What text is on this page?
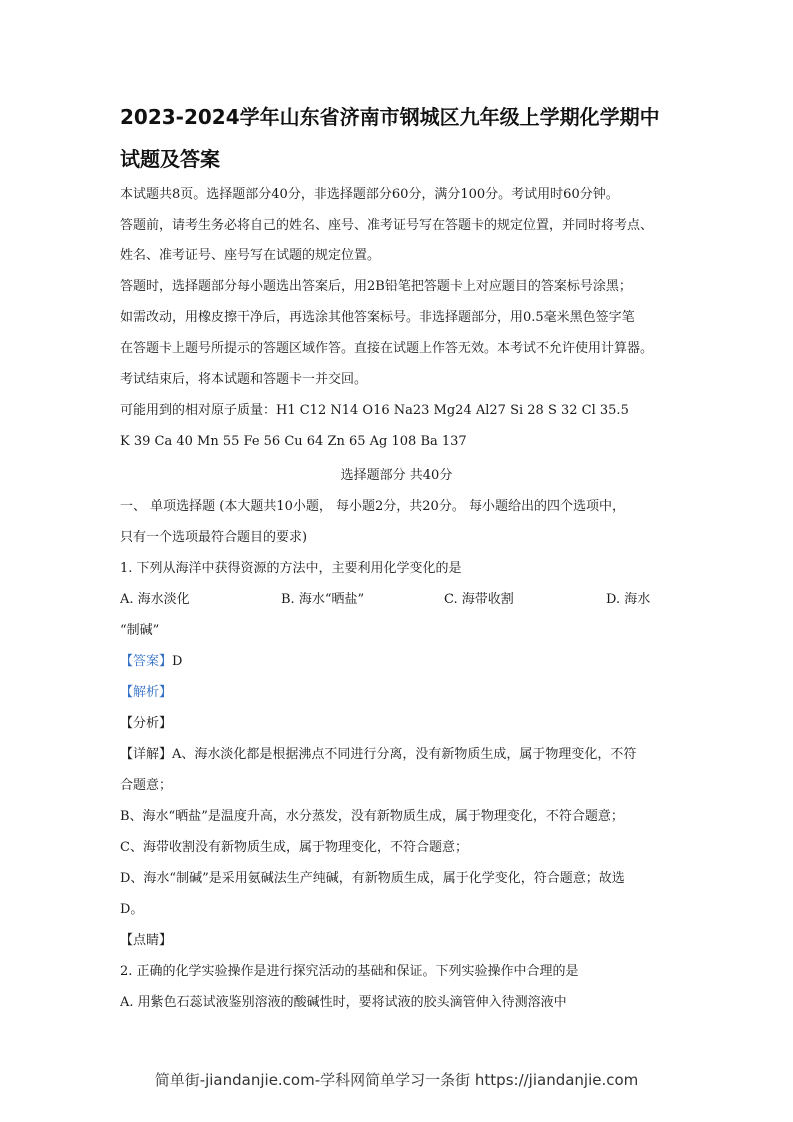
2023-2024学年山东省济南市钢城区九年级上学期化学期中
试题及答案
本试题共8页。选择题部分40分，非选择题部分60分，满分100分。考试用时60分钟。
答题前，请考生务必将自己的姓名、座号、准考证号写在答题卡的规定位置，并同时将考点、
姓名、准考证号、座号写在试题的规定位置。
答题时，选择题部分每小题选出答案后，用2B铅笔把答题卡上对应题目的答案标号涂黑；
如需改动，用橡皮擦干净后，再选涂其他答案标号。非选择题部分，用0.5毫米黑色签字笔
在答题卡上题号所提示的答题区域作答。直接在试题上作答无效。本考试不允许使用计算器。
考试结束后，将本试题和答题卡一并交回。
可能用到的相对原子质量：H1 C12 N14 O16 Na23 Mg24 Al27 Si 28 S 32 Cl 35.5
K 39 Ca 40 Mn 55 Fe 56 Cu 64 Zn 65 Ag 108 Ba 137
选择题部分 共40分
一、 单项选择题 (本大题共10小题， 每小题2分，共20分。 每小题给出的四个选项中，
只有一个选项最符合题目的要求)
1. 下列从海洋中获得资源的方法中，主要利用化学变化的是
A. 海水淡化	B. 海水“晒盐”	C. 海带收割	D. 海水
“制碱”
【答案】D
【解析】
【分析】
【详解】A、海水淡化都是根据沸点不同进行分离，没有新物质生成，属于物理变化，不符
合题意；
B、海水“晒盐”是温度升高，水分蒸发，没有新物质生成，属于物理变化，不符合题意；
C、海带收割没有新物质生成，属于物理变化，不符合题意；
D、海水“制碱”是采用氨碱法生产纯碱，有新物质生成，属于化学变化，符合题意；故选
D。
【点睛】
2. 正确的化学实验操作是进行探究活动的基础和保证。下列实验操作中合理的是
A. 用紫色石蕊试液鉴别溶液的酸碱性时，要将试液的胶头滴管伸入待测溶液中
简单街-jiandanjie.com-学科网简单学习一条街 https://jiandanjie.com
